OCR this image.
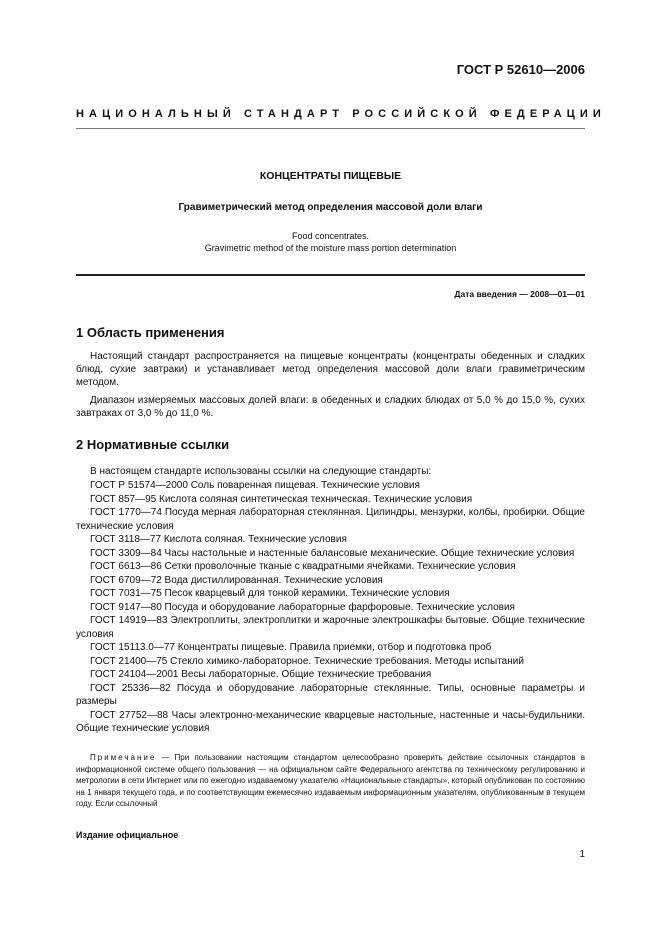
ГОСТ Р 52610—2006
НАЦИОНАЛЬНЫЙ СТАНДАРТ РОССИЙСКОЙ ФЕДЕРАЦИИ
КОНЦЕНТРАТЫ ПИЩЕВЫЕ
Гравиметрический метод определения массовой доли влаги
Food concentrates.
Gravimetric method of the moisture mass portion determination
Дата введения — 2008—01—01
1 Область применения

Настоящий стандарт распространяется на пищевые концентраты (концентраты обеденных и сладких блюд, сухие завтраки) и устанавливает метод определения массовой доли влаги гравиметрическим методом.

Диапазон измеряемых массовых долей влаги: в обеденных и сладких блюдах от 5,0 % до 15,0 %, сухих завтраках от 3,0 % до 11,0 %.

2 Нормативные ссылки
В настоящем стандарте использованы ссылки на следующие стандарты:
ГОСТ Р 51574—2000 Соль поваренная пищевая. Технические условия
ГОСТ 857—95 Кислота соляная синтетическая техническая. Технические условия
ГОСТ 1770—74 Посуда мерная лабораторная стеклянная. Цилиндры, мензурки, колбы, пробирки. Общие технические условия
ГОСТ 3118—77 Кислота соляная. Технические условия
ГОСТ 3309—84 Часы настольные и настенные балансовые механические. Общие технические условия
ГОСТ 6613—86 Сетки проволочные тканые с квадратными ячейками. Технические условия
ГОСТ 6709—72 Вода дистиллированная. Технические условия
ГОСТ 7031—75 Песок кварцевый для тонкой керамики. Технические условия
ГОСТ 9147—80 Посуда и оборудование лабораторные фарфоровые. Технические условия
ГОСТ 14919—83 Электроплиты, электроплитки и жарочные электрошкафы бытовые. Общие технические условия
ГОСТ 15113.0—77 Концентраты пищевые. Правила приемки, отбор и подготовка проб
ГОСТ 21400—75 Стекло химико-лабораторное. Технические требования. Методы испытаний
ГОСТ 24104—2001 Весы лабораторные. Общие технические требования
ГОСТ 25336—82 Посуда и оборудование лабораторные стеклянные. Типы, основные параметры и размеры
ГОСТ 27752—88 Часы электронно-механические кварцевые настольные, настенные и часы-будильники. Общие технические условия

Примечание — При пользовании настоящим стандартом целесообразно проверить действие ссылочных стандартов в информационной системе общего пользования — на официальном сайте Федерального агентства по техническому регулированию и метрологии в сети Интернет или по ежегодно издаваемому указателю «Национальные стандарты», который опубликован по состоянию на 1 января текущего года, и по соответствующим ежемесячно издаваемым информационным указателям, опубликованным в текущем году. Если ссылочный

Издание официальное
1
